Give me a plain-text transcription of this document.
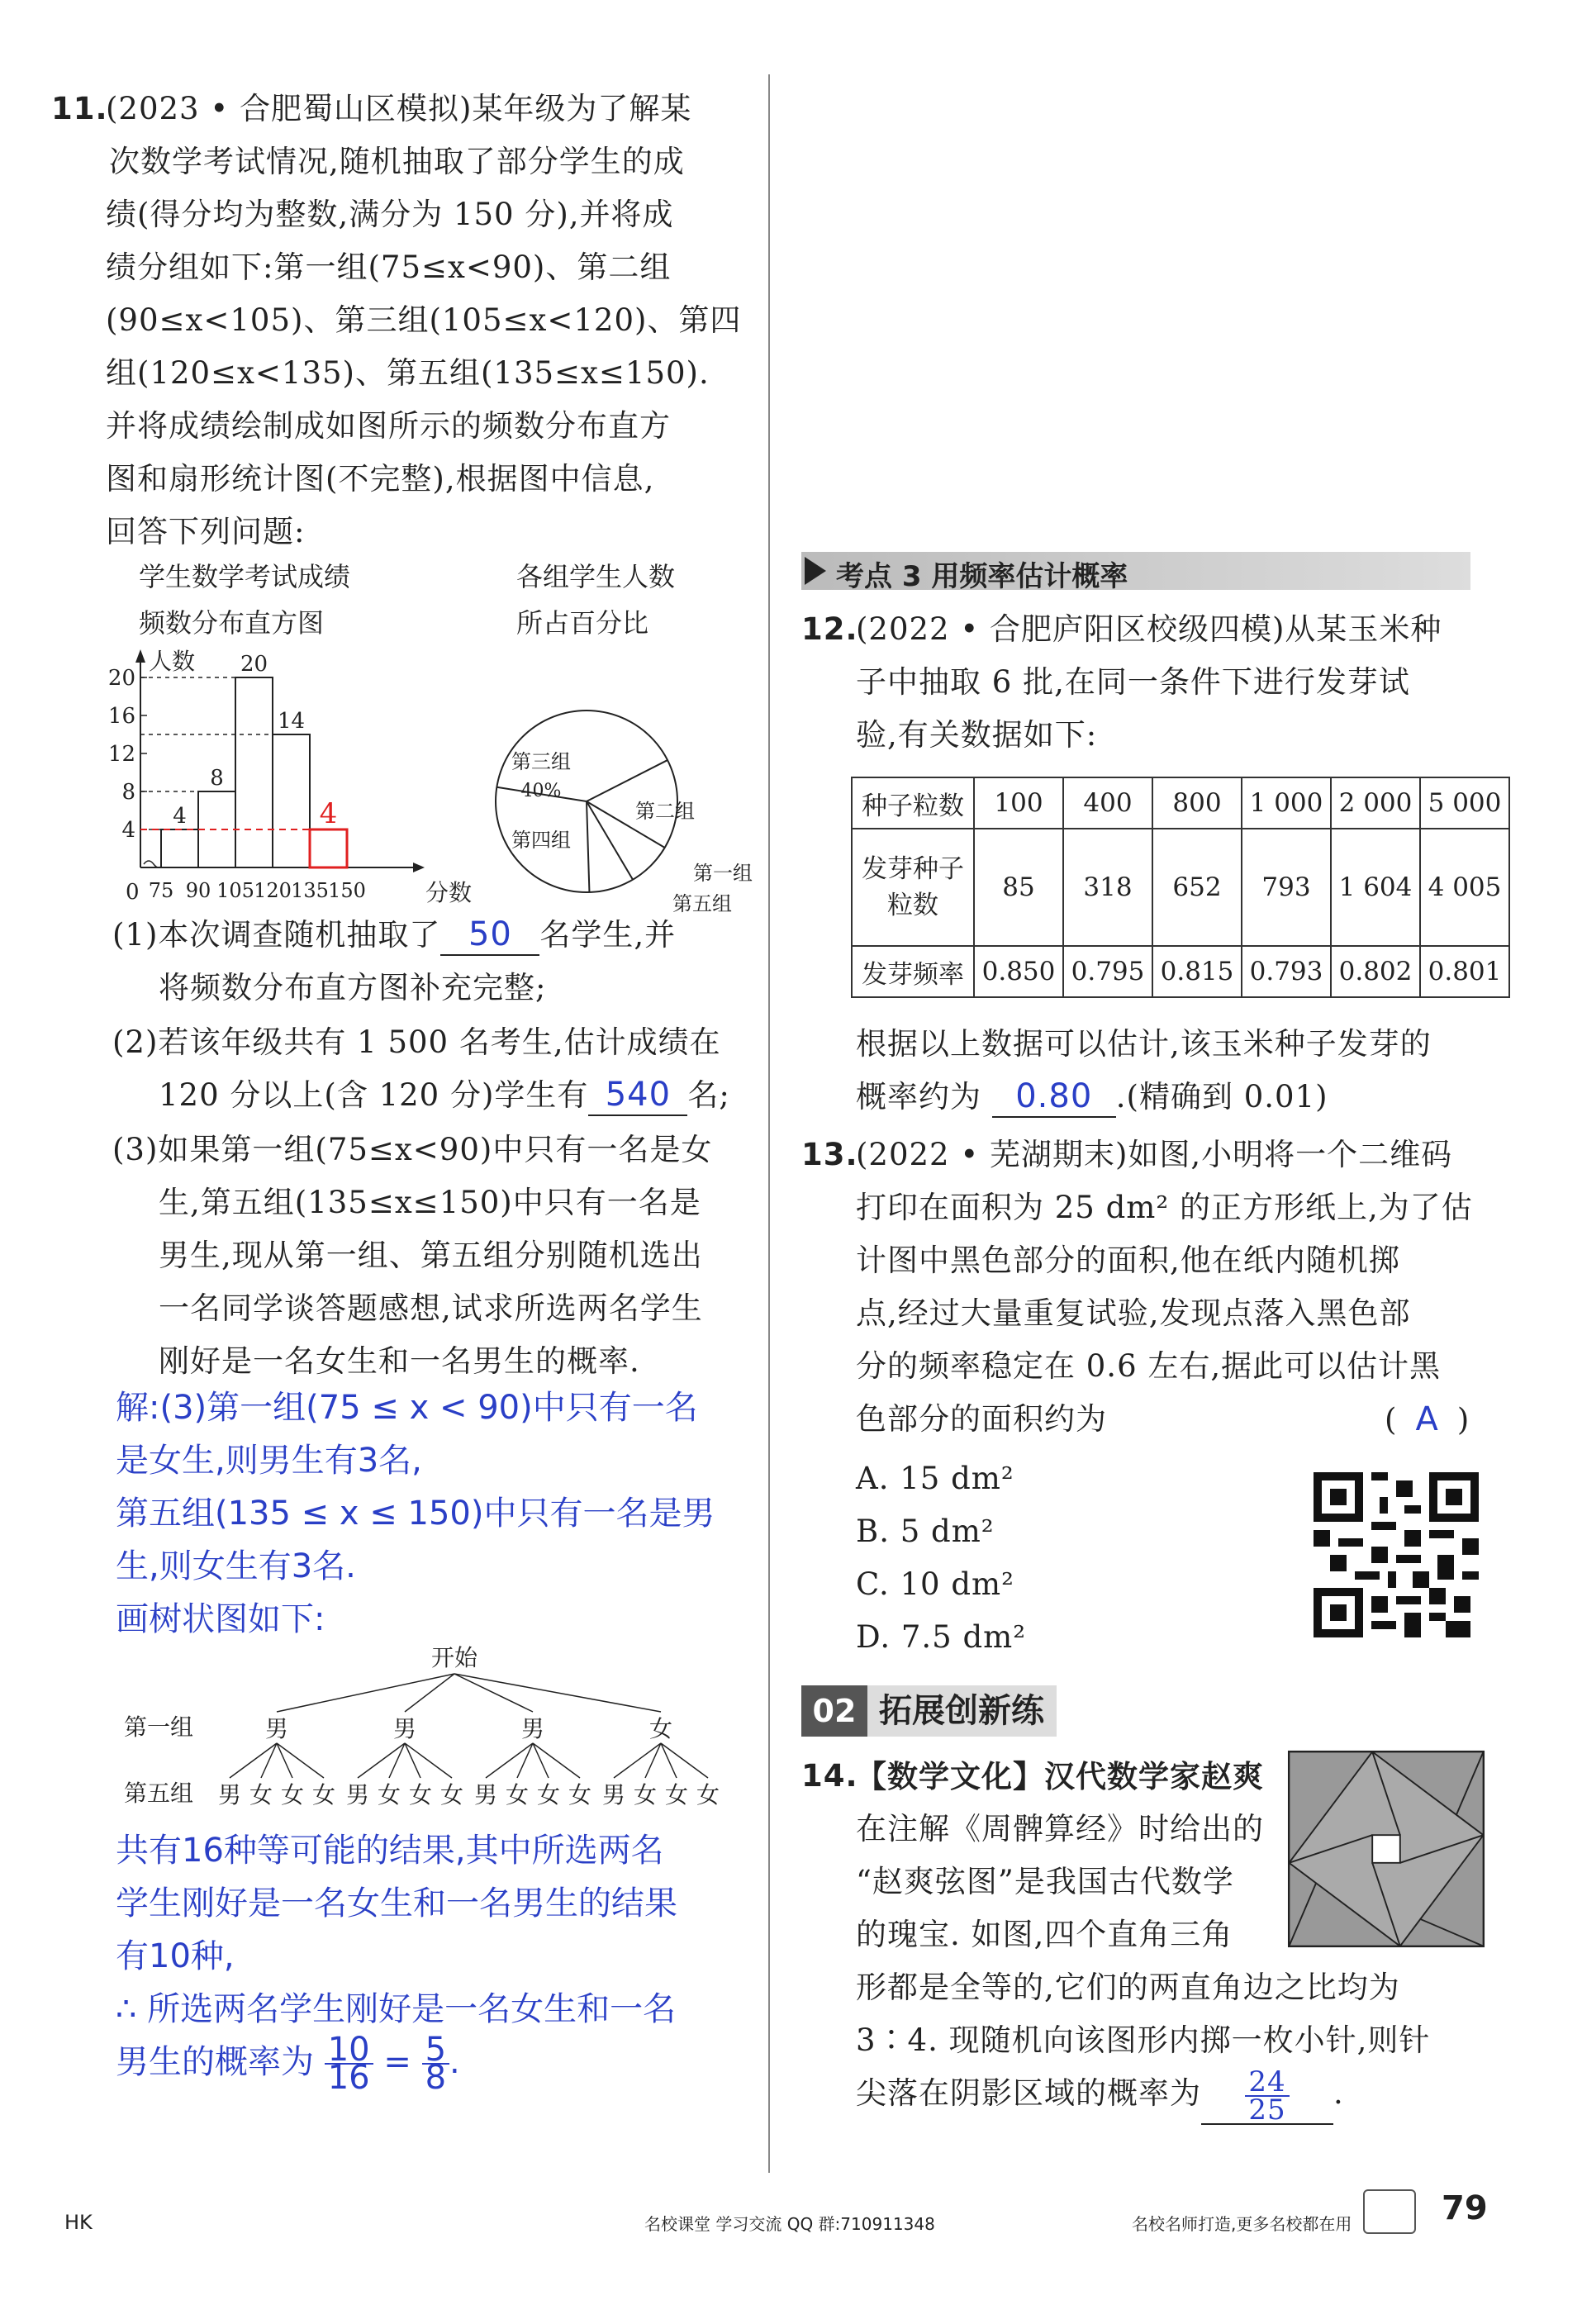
11.
(2023 • 合肥蜀山区模拟)某年级为了解某
次数学考试情况,随机抽取了部分学生的成
绩(得分均为整数,满分为 150 分),并将成
绩分组如下:第一组(75≤x<90)、第二组
(90≤x<105)、第三组(105≤x<120)、第四
组(120≤x<135)、第五组(135≤x≤150).
并将成绩绘制成如图所示的频数分布直方
图和扇形统计图(不完整),根据图中信息,
回答下列问题:
学生数学考试成绩
频数分布直方图
各组学生人数
所占百分比
人数
分数
0
4
8
12
16
20
75 90 105 120 135 150
4
8
20
14
4
第三组
第二组
第一组
第五组
第四组
40%
(1)本次调查随机抽取了 50 名学生,并
将频数分布直方图补充完整;
(2)若该年级共有 1 500 名考生,估计成绩在
120 分以上(含 120 分)学生有 540 名;
(3)如果第一组(75≤x<90)中只有一名是女
生,第五组(135≤x≤150)中只有一名是
男生,现从第一组、第五组分别随机选出
一名同学谈答题感想,试求所选两名学生
刚好是一名女生和一名男生的概率.
解:(3)第一组(75 ≤ x < 90)中只有一名
是女生,则男生有3名,
第五组(135 ≤ x ≤ 150)中只有一名是男
生,则女生有3名.
画树状图如下:
开始
第一组
第五组
男
男 女 女 女
男
男 女 女 女
男
男 女 女 女
女
男 女 女 女
共有16种等可能的结果,其中所选两名
学生刚好是一名女生和一名男生的结果
有10种,
∴ 所选两名学生刚好是一名女生和一名
男生的概率为 $\frac{10}{16} = \frac{5}{8}$ .
考点 3 用频率估计概率
12.
(2022 • 合肥庐阳区校级四模)从某玉米种
子中抽取 6 批,在同一条件下进行发芽试
验,有关数据如下:
种子粒数	100	400	800	1 000	2 000	5 000
发芽种子粒数	85	318	652	793	1 604	4 005
发芽频率	0.850	0.795	0.815	0.793	0.802	0.801
根据以上数据可以估计,该玉米种子发芽的
概率约为 0.80 .(精确到 0.01)
13.
(2022 • 芜湖期末)如图,小明将一个二维码
打印在面积为 25 dm² 的正方形纸上,为了估
计图中黑色部分的面积,他在纸内随机掷
点,经过大量重复试验,发现点落入黑色部
分的频率稳定在 0.6 左右,据此可以估计黑
色部分的面积约为	( A )
A. 15 dm²
B. 5 dm²
C. 10 dm²
D. 7.5 dm²
02 拓展创新练
14.
【数学文化】汉代数学家赵爽
在注解《周髀算经》时给出的
“赵爽弦图”是我国古代数学
的瑰宝. 如图,四个直角三角
形都是全等的,它们的两直角边之比均为
3∶4. 现随机向该图形内掷一枚小针,则针
尖落在阴影区域的概率为 $\frac{24}{25}$ .
HK	名校课堂 学习交流 QQ 群:710911348	名校名师打造,更多名校都在用	79
